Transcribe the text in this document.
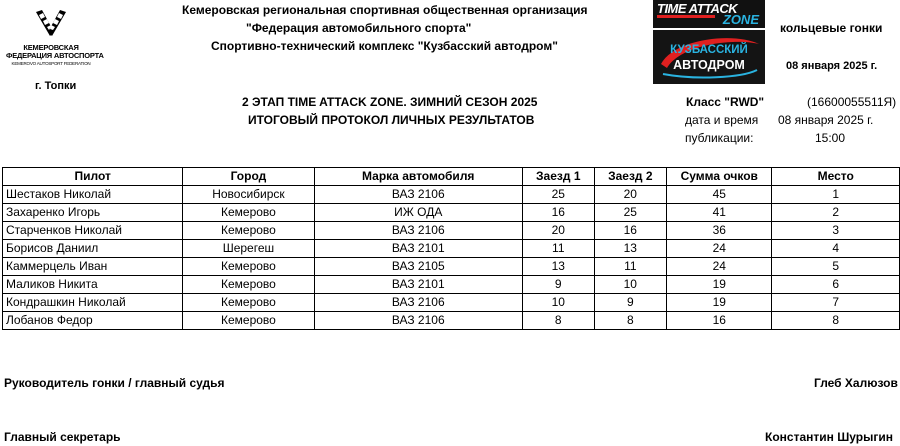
КЕМЕРОВСКАЯ
ФЕДЕРАЦИЯ АВТОСПОРТА
KEMEROVO AUTOSPORT FEDERATION
Кемеровская региональная спортивная общественная организация
"Федерация автомобильного спорта"
Спортивно-технический комплекс "Кузбасский автодром"
TIME ATTACK
ZONE
КУЗБАССКИЙ
АВТОДРОМ
кольцевые гонки
08 января 2025 г.
г. Топки
2 ЭТАП TIME ATTACK ZONE. ЗИМНИЙ СЕЗОН 2025
ИТОГОВЫЙ ПРОТОКОЛ ЛИЧНЫХ РЕЗУЛЬТАТОВ
Класс "RWD"	(16600055511Я)
дата и время
публикации:
08 января 2025 г.
15:00
Пилот	Город	Марка автомобиля	Заезд 1	Заезд 2	Сумма очков	Место
Шестаков Николай	Новосибирск	ВАЗ 2106	25	20	45	1
Захаренко Игорь	Кемерово	ИЖ ОДА	16	25	41	2
Старченков Николай	Кемерово	ВАЗ 2106	20	16	36	3
Борисов Даниил	Шерегеш	ВАЗ 2101	11	13	24	4
Каммерцель Иван	Кемерово	ВАЗ 2105	13	11	24	5
Маликов Никита	Кемерово	ВАЗ 2101	9	10	19	6
Кондрашкин Николай	Кемерово	ВАЗ 2106	10	9	19	7
Лобанов Федор	Кемерово	ВАЗ 2106	8	8	16	8
Руководитель гонки / главный судья	Глеб Халюзов
Главный секретарь	Константин Шурыгин
